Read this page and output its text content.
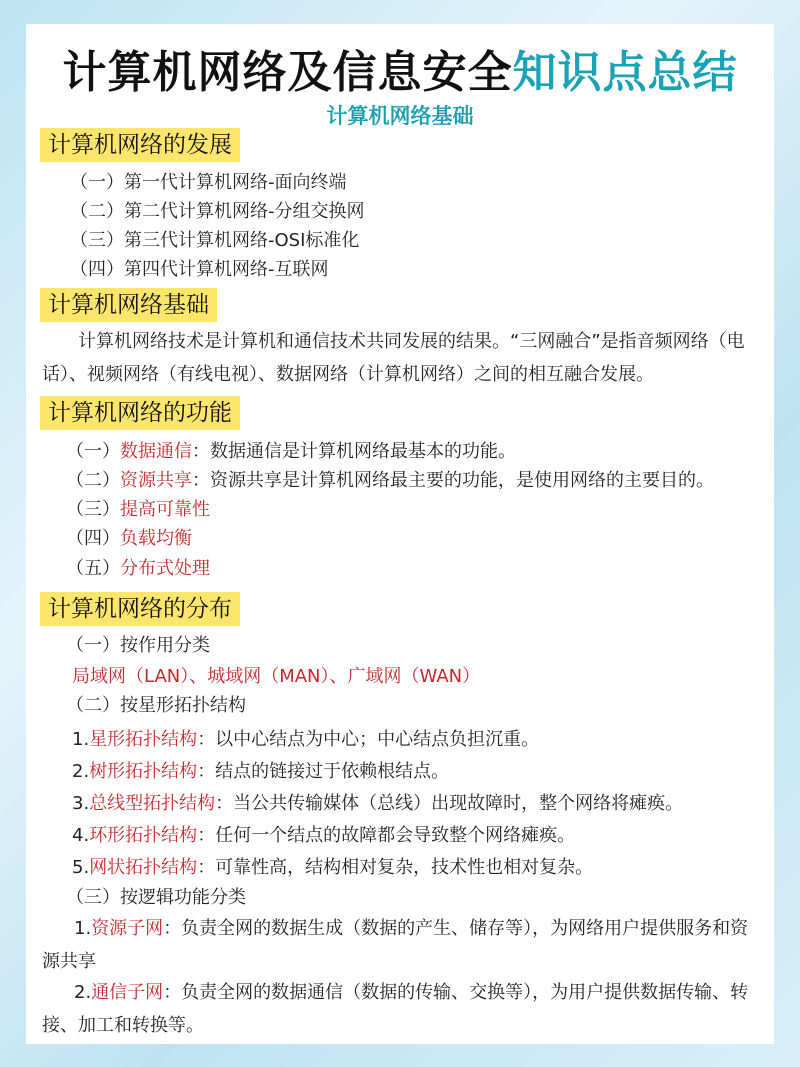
计算机网络及信息安全知识点总结
计算机网络基础
计算机网络的发展
（一）第一代计算机网络-面向终端
（二）第二代计算机网络-分组交换网
（三）第三代计算机网络-OSI标准化
（四）第四代计算机网络-互联网
计算机网络基础
计算机网络技术是计算机和通信技术共同发展的结果。“三网融合”是指音频网络（电话）、视频网络（有线电视）、数据网络（计算机网络）之间的相互融合发展。
计算机网络的功能
（一）数据通信：数据通信是计算机网络最基本的功能。
（二）资源共享：资源共享是计算机网络最主要的功能，是使用网络的主要目的。
（三）提高可靠性
（四）负载均衡
（五）分布式处理
计算机网络的分布
（一）按作用分类
局域网（LAN）、城域网（MAN）、广域网（WAN）
（二）按星形拓扑结构
1.星形拓扑结构：以中心结点为中心；中心结点负担沉重。
2.树形拓扑结构：结点的链接过于依赖根结点。
3.总线型拓扑结构：当公共传输媒体（总线）出现故障时，整个网络将瘫痪。
4.环形拓扑结构：任何一个结点的故障都会导致整个网络瘫痪。
5.网状拓扑结构：可靠性高，结构相对复杂，技术性也相对复杂。
（三）按逻辑功能分类
1.资源子网：负责全网的数据生成（数据的产生、储存等），为网络用户提供服务和资源共享
2.通信子网：负责全网的数据通信（数据的传输、交换等），为用户提供数据传输、转接、加工和转换等。
